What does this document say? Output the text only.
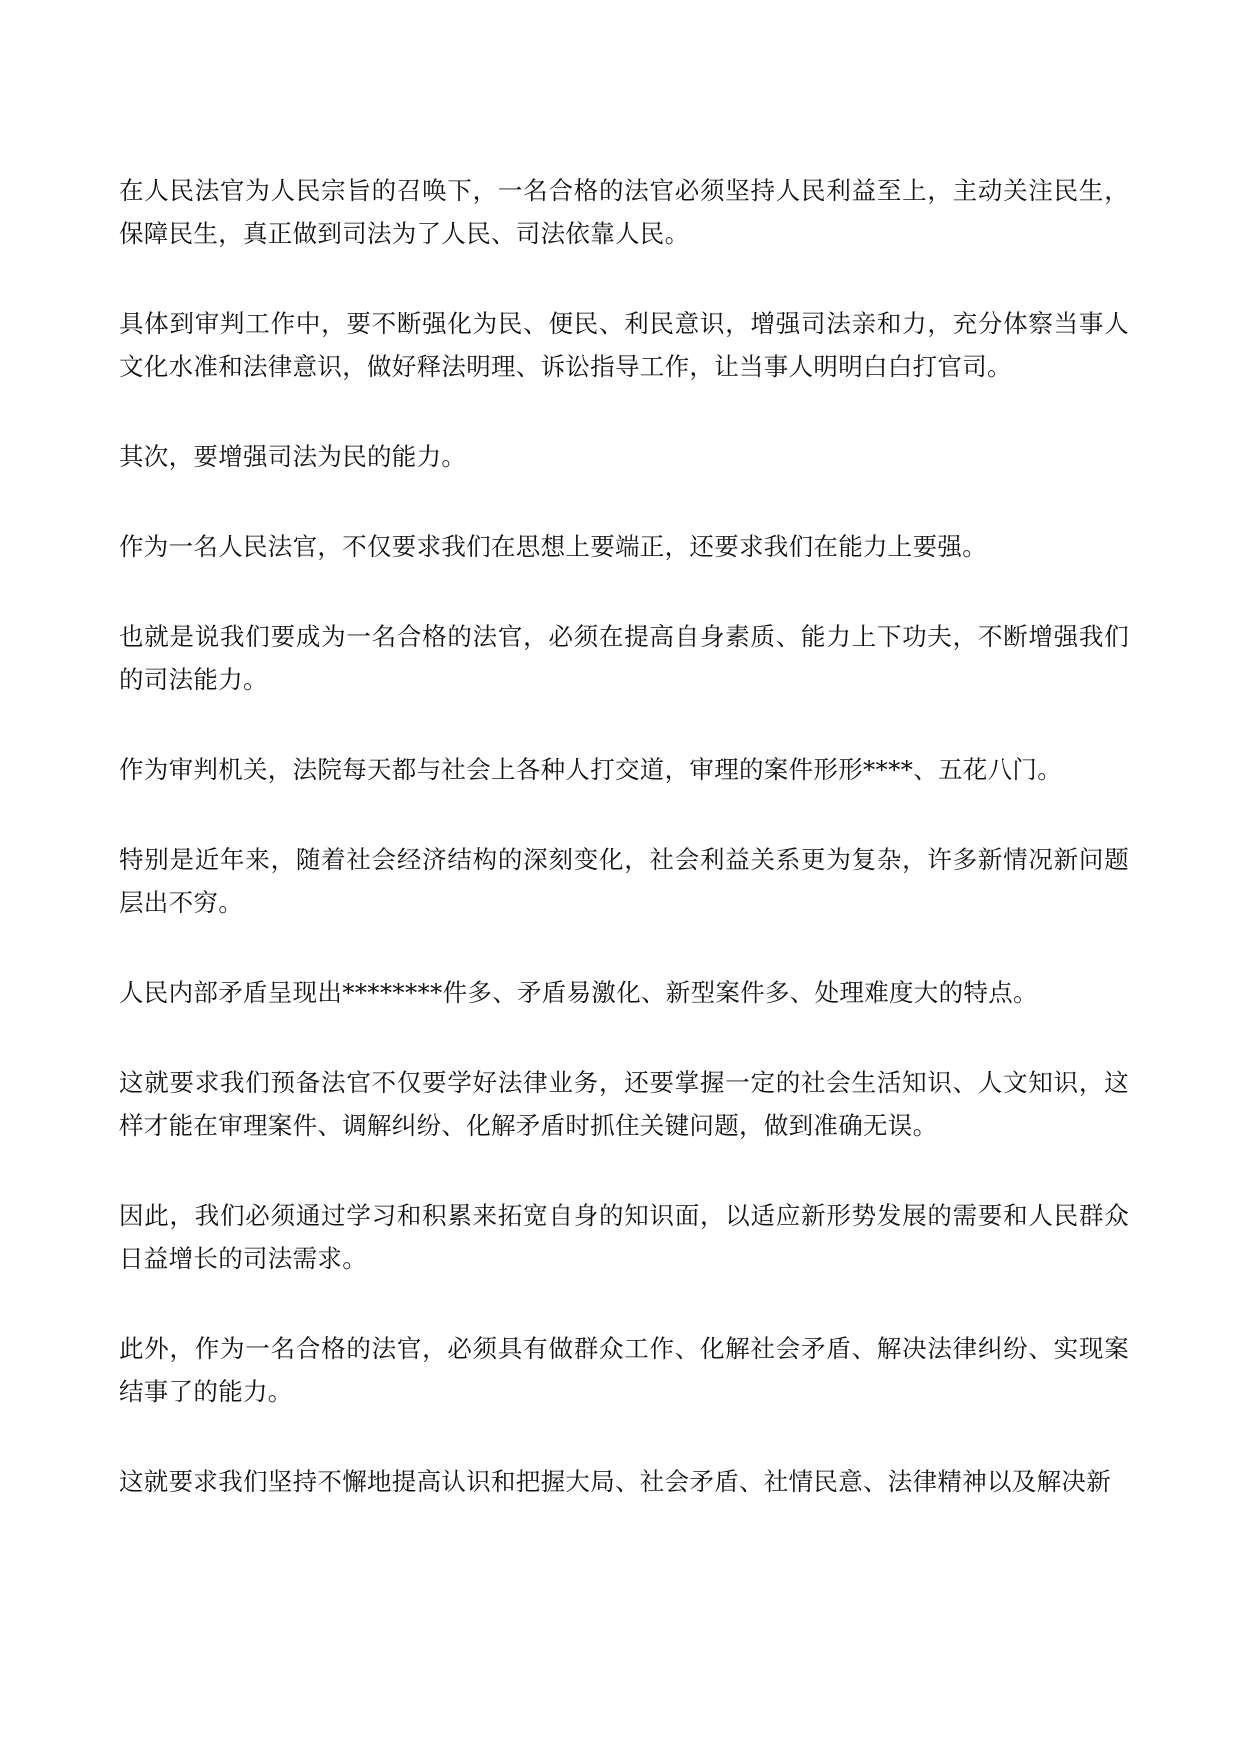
在人民法官为人民宗旨的召唤下，一名合格的法官必须坚持人民利益至上，主动关注民生，保障民生，真正做到司法为了人民、司法依靠人民。

具体到审判工作中，要不断强化为民、便民、利民意识，增强司法亲和力，充分体察当事人文化水准和法律意识，做好释法明理、诉讼指导工作，让当事人明明白白打官司。

其次，要增强司法为民的能力。

作为一名人民法官，不仅要求我们在思想上要端正，还要求我们在能力上要强。

也就是说我们要成为一名合格的法官，必须在提高自身素质、能力上下功夫，不断增强我们的司法能力。

作为审判机关，法院每天都与社会上各种人打交道，审理的案件形形****、五花八门。

特别是近年来，随着社会经济结构的深刻变化，社会利益关系更为复杂，许多新情况新问题层出不穷。

人民内部矛盾呈现出********件多、矛盾易激化、新型案件多、处理难度大的特点。

这就要求我们预备法官不仅要学好法律业务，还要掌握一定的社会生活知识、人文知识，这样才能在审理案件、调解纠纷、化解矛盾时抓住关键问题，做到准确无误。

因此，我们必须通过学习和积累来拓宽自身的知识面，以适应新形势发展的需要和人民群众日益增长的司法需求。

此外，作为一名合格的法官，必须具有做群众工作、化解社会矛盾、解决法律纠纷、实现案结事了的能力。

这就要求我们坚持不懈地提高认识和把握大局、社会矛盾、社情民意、法律精神以及解决新
